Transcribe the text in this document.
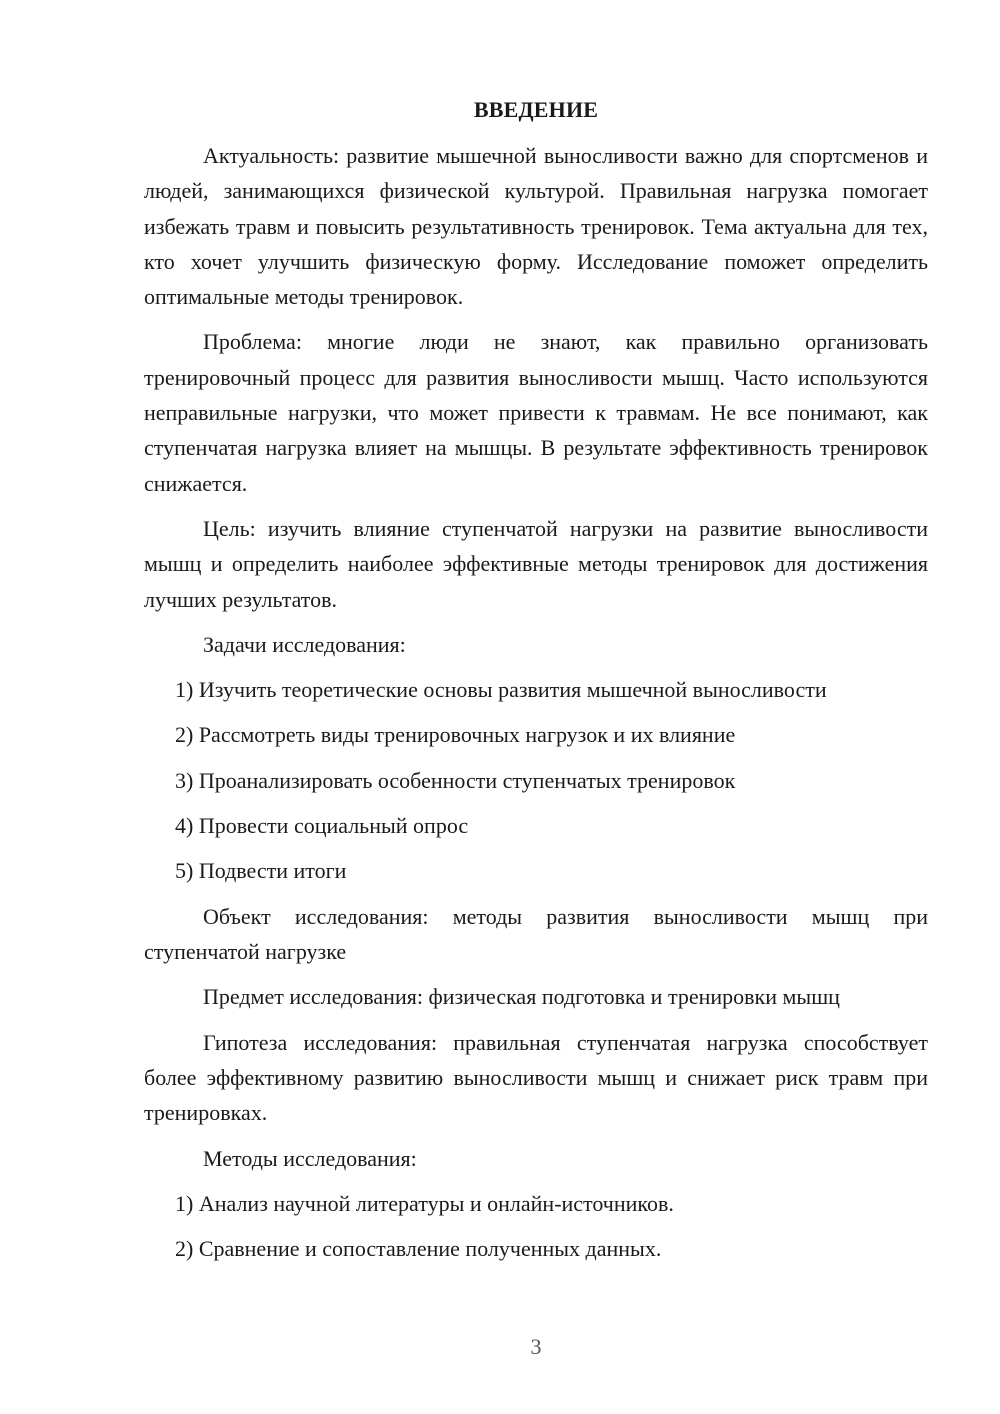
ВВЕДЕНИЕ

Актуальность: развитие мышечной выносливости важно для спортсменов и людей, занимающихся физической культурой. Правильная нагрузка помогает избежать травм и повысить результативность тренировок. Тема актуальна для тех, кто хочет улучшить физическую форму. Исследование поможет определить оптимальные методы тренировок.

Проблема: многие люди не знают, как правильно организовать тренировочный процесс для развития выносливости мышц. Часто используются неправильные нагрузки, что может привести к травмам. Не все понимают, как ступенчатая нагрузка влияет на мышцы. В результате эффективность тренировок снижается.

Цель: изучить влияние ступенчатой нагрузки на развитие выносливости мышц и определить наиболее эффективные методы тренировок для достижения лучших результатов.

Задачи исследования:

1) Изучить теоретические основы развития мышечной выносливости
2) Рассмотреть виды тренировочных нагрузок и их влияние
3) Проанализировать особенности ступенчатых тренировок
4) Провести социальный опрос
5) Подвести итоги

Объект исследования: методы развития выносливости мышц при ступенчатой нагрузке

Предмет исследования: физическая подготовка и тренировки мышц

Гипотеза исследования: правильная ступенчатая нагрузка способствует более эффективному развитию выносливости мышц и снижает риск травм при тренировках.

Методы исследования:

1) Анализ научной литературы и онлайн-источников.
2) Сравнение и сопоставление полученных данных.
3
